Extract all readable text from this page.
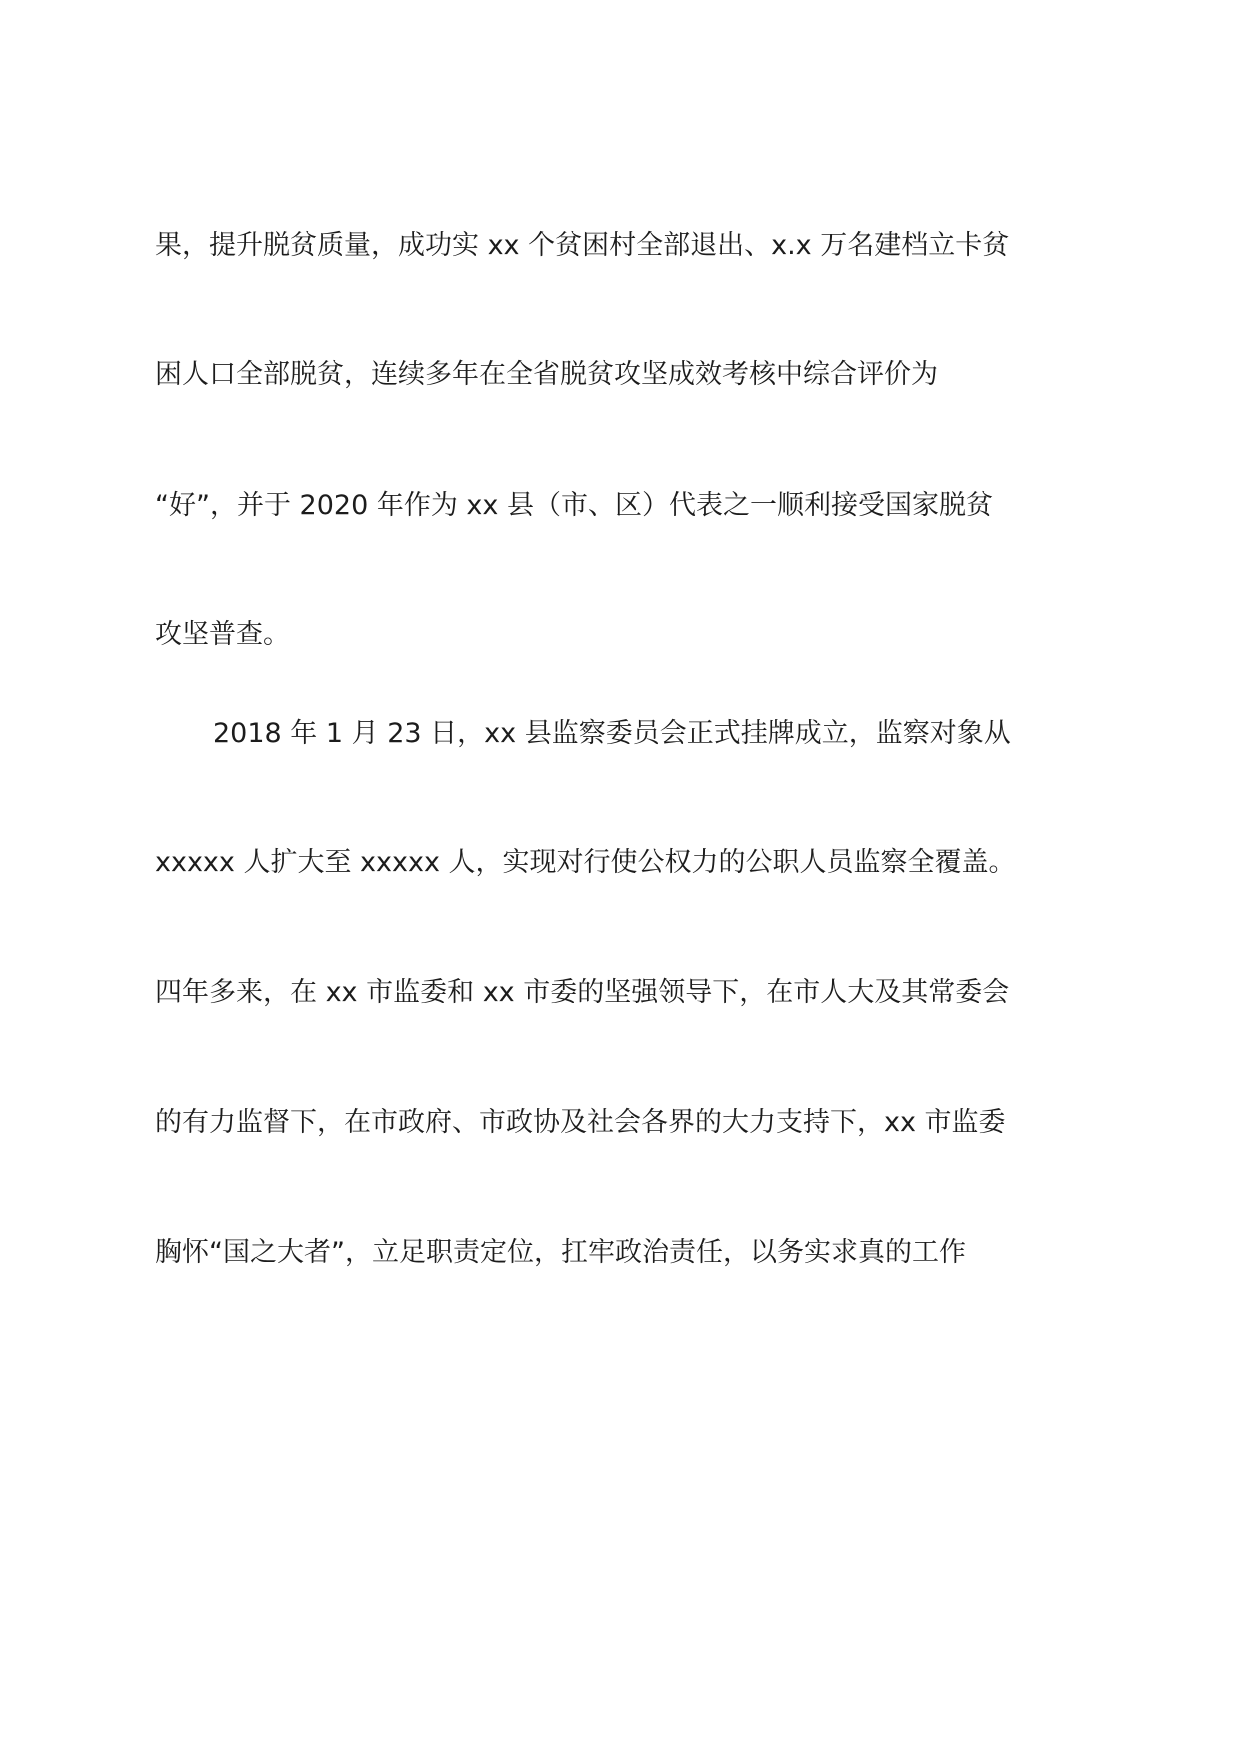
果，提升脱贫质量，成功实 xx 个贫困村全部退出、x.x 万名建档立卡贫

困人口全部脱贫，连续多年在全省脱贫攻坚成效考核中综合评价为

“好”，并于 2020 年作为 xx 县（市、区）代表之一顺利接受国家脱贫

攻坚普查。

2018 年 1 月 23 日，xx 县监察委员会正式挂牌成立，监察对象从

xxxxx 人扩大至 xxxxx 人，实现对行使公权力的公职人员监察全覆盖。

四年多来，在 xx 市监委和 xx 市委的坚强领导下，在市人大及其常委会

的有力监督下，在市政府、市政协及社会各界的大力支持下，xx 市监委

胸怀“国之大者”，立足职责定位，扛牢政治责任，以务实求真的工作
